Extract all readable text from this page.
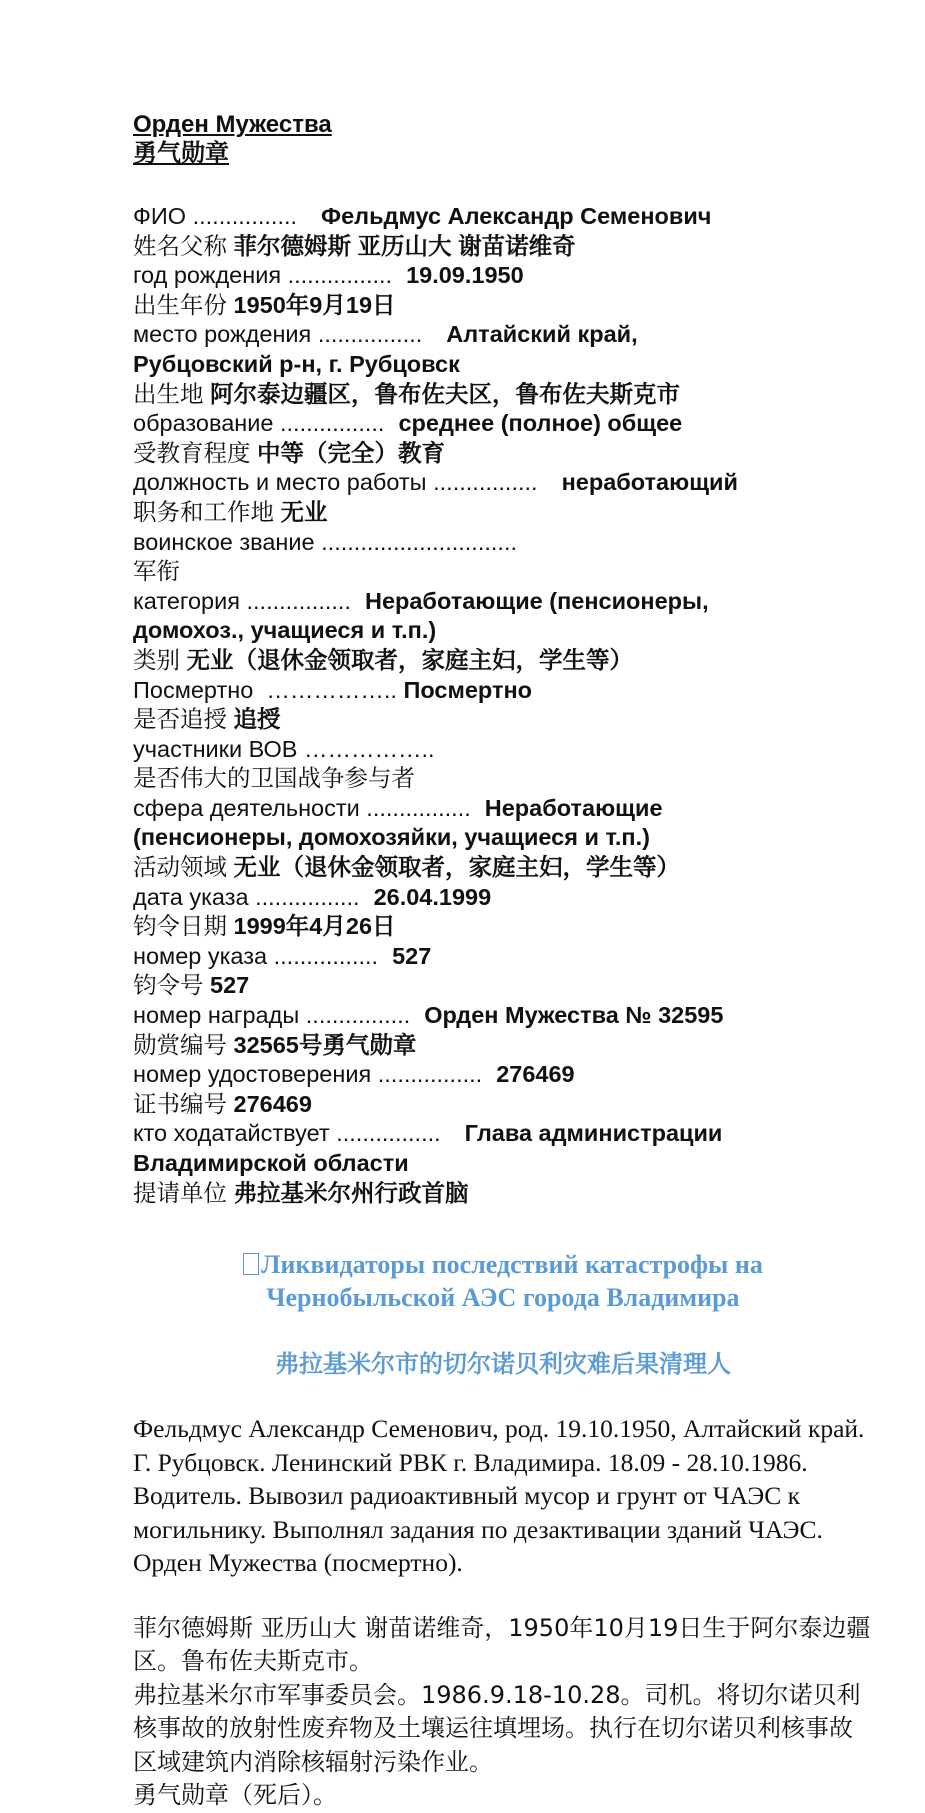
Орден Мужества
勇气勋章
ФИО ................ Фельдмус Александр Семенович
姓名父称 菲尔德姆斯 亚历山大 谢苗诺维奇
год рождения ................ 19.09.1950
出生年份 1950年9月19日
место рождения ................ Алтайский край,
Рубцовский р-н, г. Рубцовск
出生地 阿尔泰边疆区，鲁布佐夫区，鲁布佐夫斯克市
образование ................ среднее (полное) общее
受教育程度 中等（完全）教育
должность и место работы ................ неработающий
职务和工作地 无业
воинское звание ..............................
军衔
категория ................ Неработающие (пенсионеры,
домохоз., учащиеся и т.п.)
类别 无业（退休金领取者，家庭主妇，学生等）
Посмертно …………….. Посмертно
是否追授 追授
участники ВОВ ……………..
是否伟大的卫国战争参与者
сфера деятельности ................ Неработающие
(пенсионеры, домохозяйки, учащиеся и т.п.)
活动领域 无业（退休金领取者，家庭主妇，学生等）
дата указа ................ 26.04.1999
钧令日期 1999年4月26日
номер указа ................ 527
钧令号 527
номер награды ................ Орден Мужества № 32595
勋赏编号 32565号勇气勋章
номер удостоверения ................ 276469
证书编号 276469
кто ходатайствует ................ Глава администрации
Владимирской области
提请单位 弗拉基米尔州行政首脑
Ликвидаторы последствий катастрофы на
Чернобыльской АЭС города Владимира
弗拉基米尔市的切尔诺贝利灾难后果清理人
Фельдмус Александр Семенович, род. 19.10.1950, Алтайский край. Г. Рубцовск. Ленинский РВК г. Владимира. 18.09 - 28.10.1986. Водитель. Вывозил радиоактивный мусор и грунт от ЧАЭС к могильнику. Выполнял задания по дезактивации зданий ЧАЭС. Орден Мужества (посмертно).
菲尔德姆斯 亚历山大 谢苗诺维奇，1950年10月19日生于阿尔泰边疆区。鲁布佐夫斯克市。
弗拉基米尔市军事委员会。1986.9.18-10.28。司机。将切尔诺贝利核事故的放射性废弃物及土壤运往填埋场。执行在切尔诺贝利核事故区域建筑内消除核辐射污染作业。
勇气勋章（死后）。
